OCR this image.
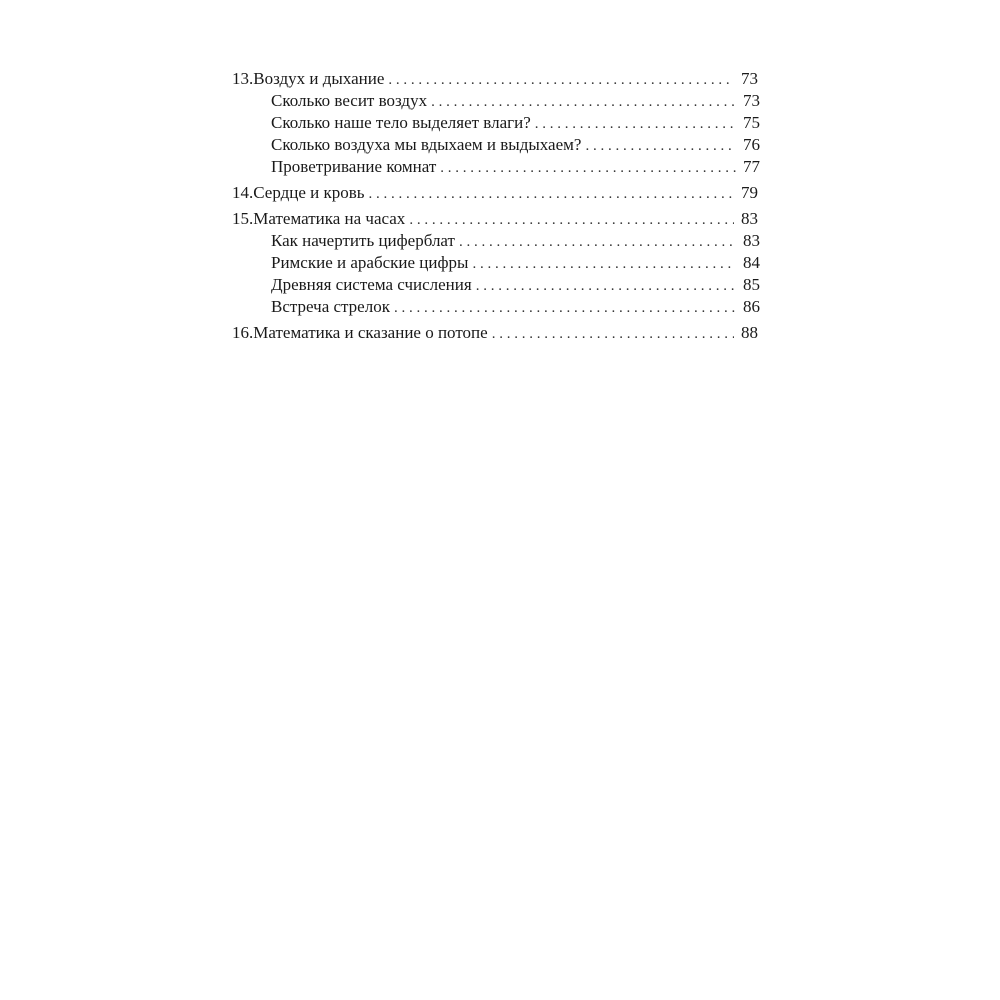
13. Воздух и дыхание . . .	73
Сколько весит воздух . . .	73
Сколько наше тело выделяет влаги? . . .	75
Сколько воздуха мы вдыхаем и выдыхаем? . . .	76
Проветривание комнат . . .	77
14. Сердце и кровь . . .	79
15. Математика на часах . . .	83
Как начертить циферблат . . .	83
Римские и арабские цифры . . .	84
Древняя система счисления . . .	85
Встреча стрелок . . .	86
16. Математика и сказание о потопе . . .	88
